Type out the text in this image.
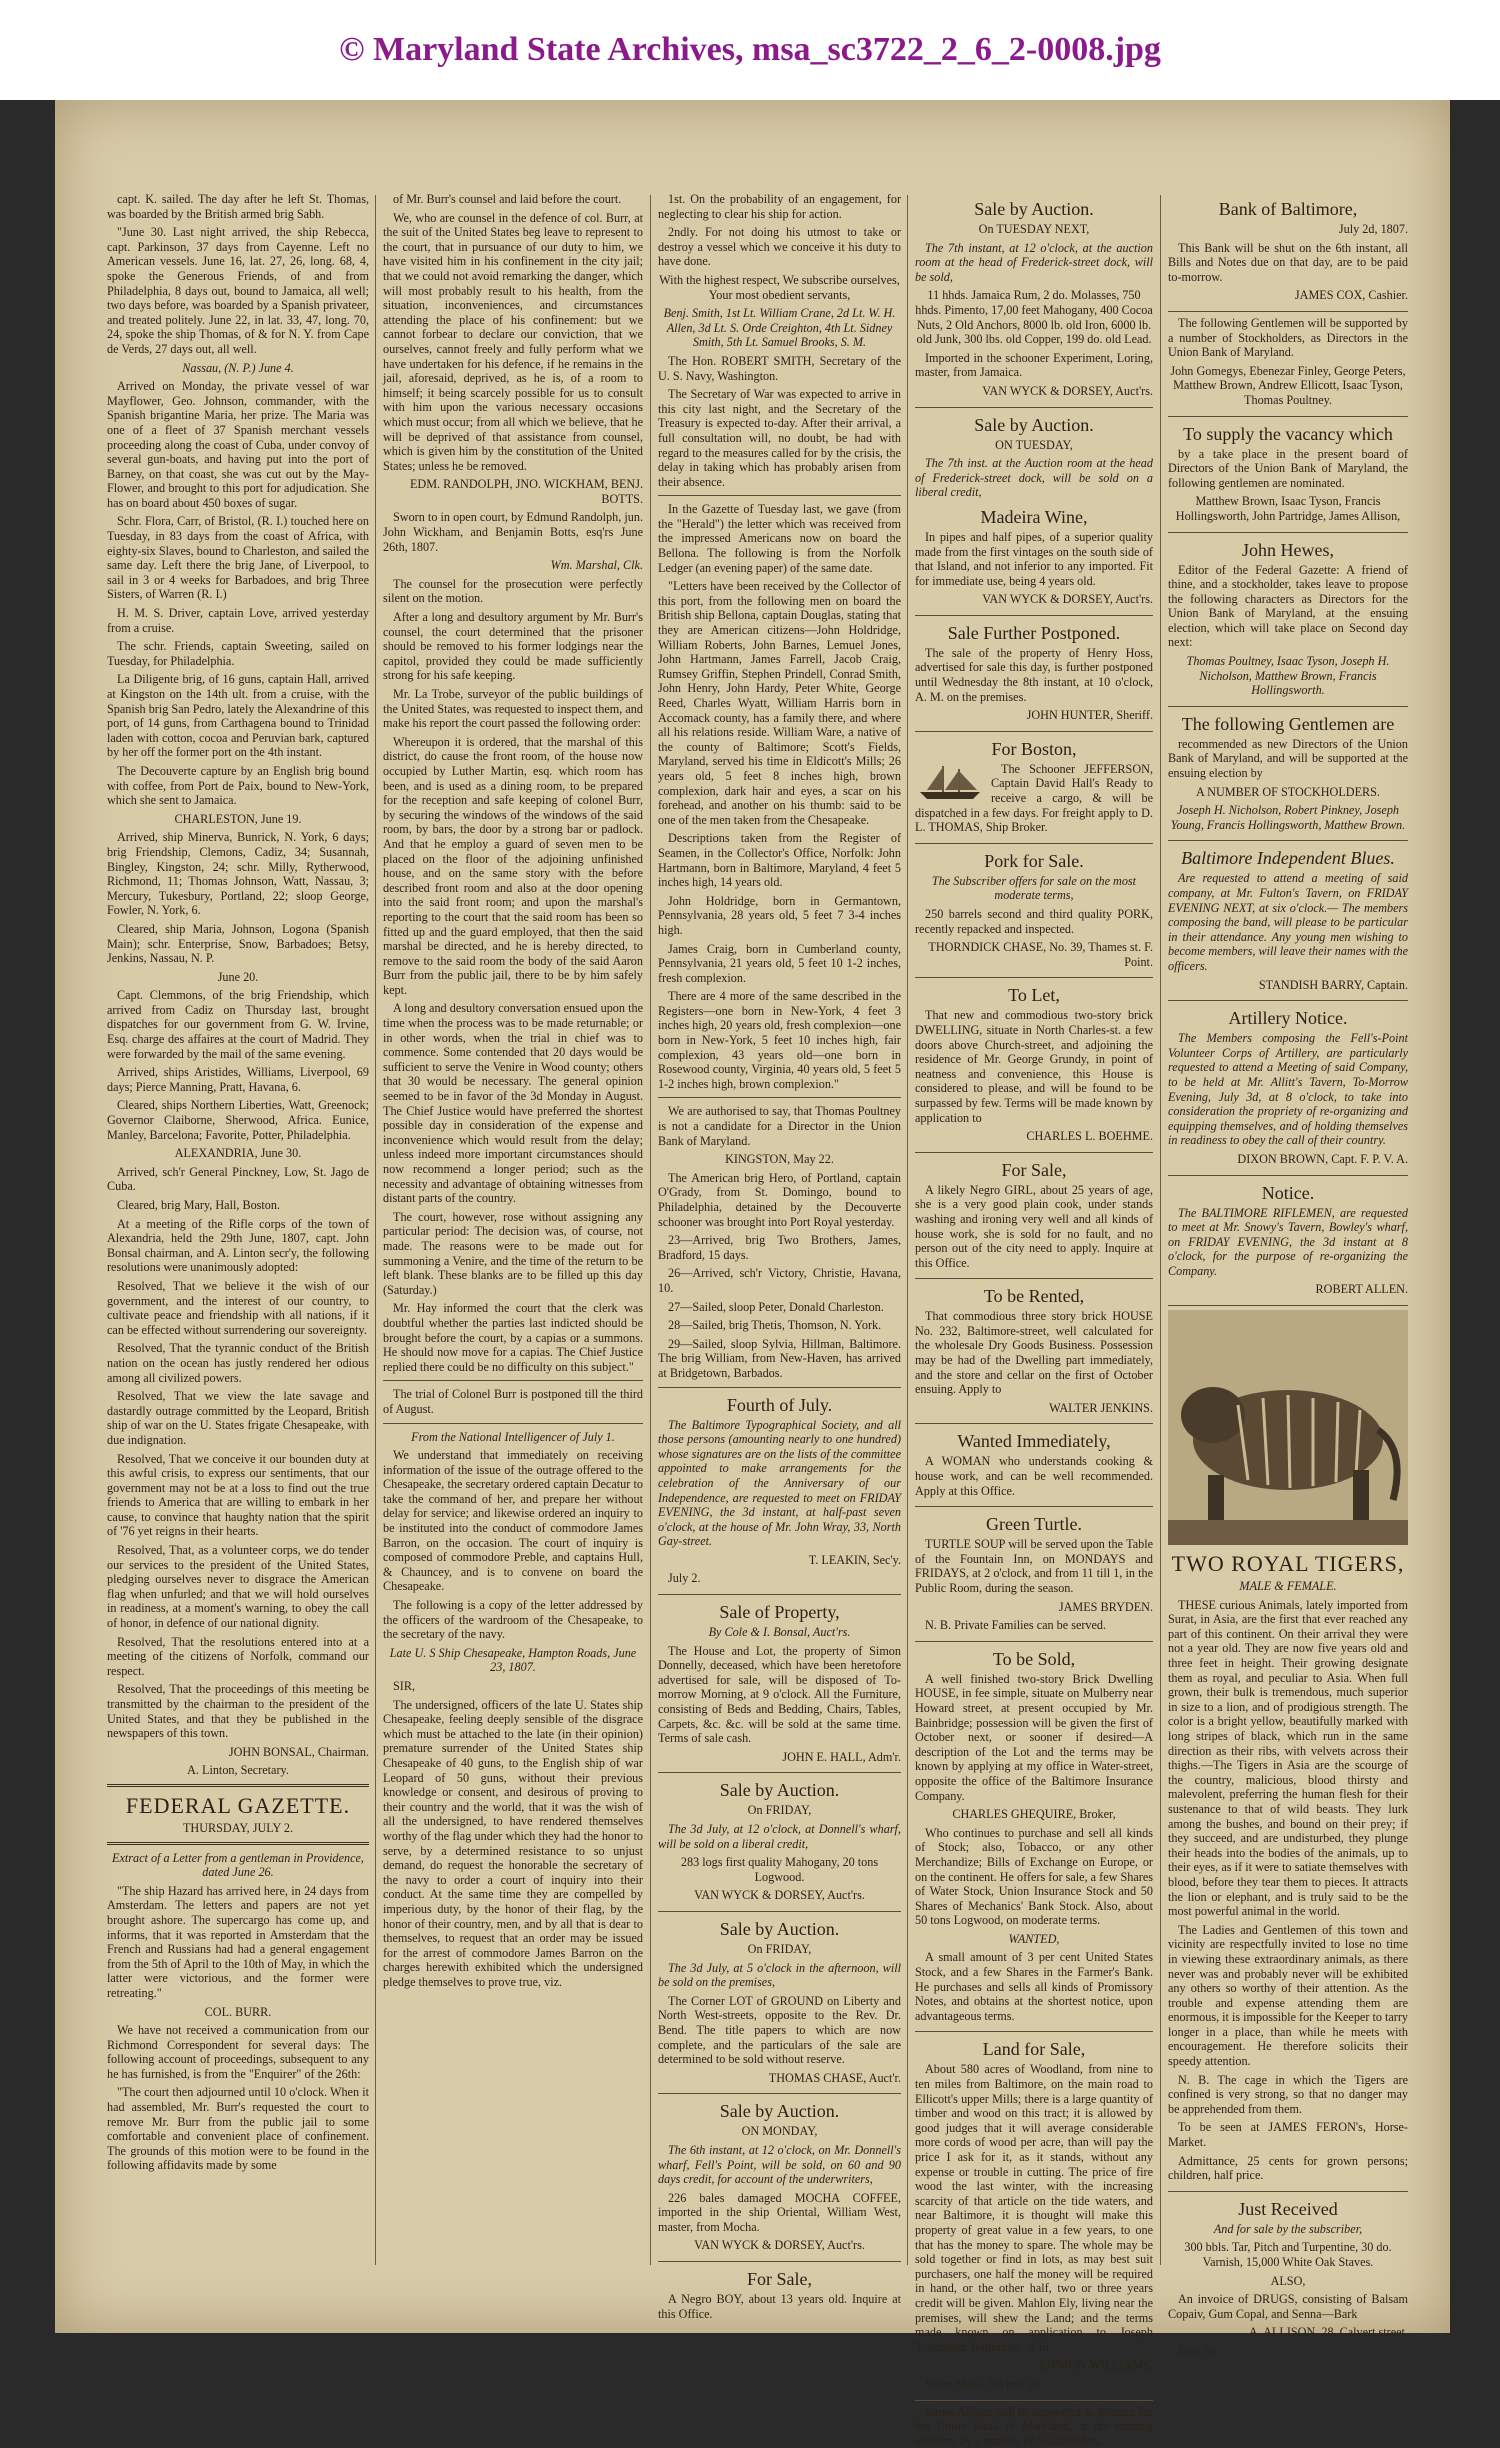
© Maryland State Archives, msa_sc3722_2_6_2-0008.jpg

capt. K. sailed. The day after he left St. Thomas, was boarded by the British armed brig Sabh.

"June 30. Last night arrived, the ship Rebecca, capt. Parkinson, 37 days from Cayenne. Left no American vessels. June 16, lat. 27, 26, long. 68, 4, spoke the Generous Friends, of and from Philadelphia, 8 days out, bound to Jamaica, all well; two days before, was boarded by a Spanish privateer, and treated politely. June 22, in lat. 33, 47, long. 70, 24, spoke the ship Thomas, of & for N. Y. from Cape de Verds, 27 days out, all well.

Nassau, (N. P.) June 4.

Arrived on Monday, the private vessel of war Mayflower, Geo. Johnson, commander, with the Spanish brigantine Maria, her prize. The Maria was one of a fleet of 37 Spanish merchant vessels proceeding along the coast of Cuba, under convoy of several gun-boats, and having put into the port of Barney, on that coast, she was cut out by the May-Flower, and brought to this port for adjudication. She has on board about 450 boxes of sugar.

Schr. Flora, Carr, of Bristol, (R. I.) touched here on Tuesday, in 83 days from the coast of Africa, with eighty-six Slaves, bound to Charleston, and sailed the same day. Left there the brig Jane, of Liverpool, to sail in 3 or 4 weeks for Barbadoes, and brig Three Sisters, of Warren (R. I.)

H. M. S. Driver, captain Love, arrived yesterday from a cruise.

The schr. Friends, captain Sweeting, sailed on Tuesday, for Philadelphia.

La Diligente brig, of 16 guns, captain Hall, arrived at Kingston on the 14th ult. from a cruise, with the Spanish brig San Pedro, lately the Alexandrine of this port, of 14 guns, from Carthagena bound to Trinidad laden with cotton, cocoa and Peruvian bark, captured by her off the former port on the 4th instant.

The Decouverte capture by an English brig bound with coffee, from Port de Paix, bound to New-York, which she sent to Jamaica.

CHARLESTON, June 19.

Arrived, ship Minerva, Bunrick, N. York, 6 days; brig Friendship, Clemons, Cadiz, 34; Susannah, Bingley, Kingston, 24; schr. Milly, Rytherwood, Richmond, 11; Thomas Johnson, Watt, Nassau, 3; Mercury, Tukesbury, Portland, 22; sloop George, Fowler, N. York, 6.

Cleared, ship Maria, Johnson, Logona (Spanish Main); schr. Enterprise, Snow, Barbadoes; Betsy, Jenkins, Nassau, N. P.

June 20.

Capt. Clemmons, of the brig Friendship, which arrived from Cadiz on Thursday last, brought dispatches for our government from G. W. Irvine, Esq. charge des affaires at the court of Madrid. They were forwarded by the mail of the same evening.

Arrived, ships Aristides, Williams, Liverpool, 69 days; Pierce Manning, Pratt, Havana, 6.

Cleared, ships Northern Liberties, Watt, Greenock; Governor Claiborne, Sherwood, Africa. Eunice, Manley, Barcelona; Favorite, Potter, Philadelphia.

ALEXANDRIA, June 30.

Arrived, sch'r General Pinckney, Low, St. Jago de Cuba.

Cleared, brig Mary, Hall, Boston.

At a meeting of the Rifle corps of the town of Alexandria, held the 29th June, 1807, capt. John Bonsal chairman, and A. Linton secr'y, the following resolutions were unanimously adopted:

Resolved, That we believe it the wish of our government, and the interest of our country, to cultivate peace and friendship with all nations, if it can be effected without surrendering our sovereignty.

Resolved, That the tyrannic conduct of the British nation on the ocean has justly rendered her odious among all civilized powers.

Resolved, That we view the late savage and dastardly outrage committed by the Leopard, British ship of war on the U. States frigate Chesapeake, with due indignation.

Resolved, That we conceive it our bounden duty at this awful crisis, to express our sentiments, that our government may not be at a loss to find out the true friends to America that are willing to embark in her cause, to convince that haughty nation that the spirit of '76 yet reigns in their hearts.

Resolved, That, as a volunteer corps, we do tender our services to the president of the United States, pledging ourselves never to disgrace the American flag when unfurled; and that we will hold ourselves in readiness, at a moment's warning, to obey the call of honor, in defence of our national dignity.

Resolved, That the resolutions entered into at a meeting of the citizens of Norfolk, command our respect.

Resolved, That the proceedings of this meeting be transmitted by the chairman to the president of the United States, and that they be published in the newspapers of this town.

JOHN BONSAL, Chairman.

A. Linton, Secretary.

FEDERAL GAZETTE.

THURSDAY, JULY 2.

Extract of a Letter from a gentleman in Providence, dated June 26.

"The ship Hazard has arrived here, in 24 days from Amsterdam. The letters and papers are not yet brought ashore. The supercargo has come up, and informs, that it was reported in Amsterdam that the French and Russians had had a general engagement from the 5th of April to the 10th of May, in which the latter were victorious, and the former were retreating."

COL. BURR.

We have not received a communication from our Richmond Correspondent for several days: The following account of proceedings, subsequent to any he has furnished, is from the "Enquirer" of the 26th:

"The court then adjourned until 10 o'clock. When it had assembled, Mr. Burr's requested the court to remove Mr. Burr from the public jail to some comfortable and convenient place of confinement. The grounds of this motion were to be found in the following affidavits made by some

of Mr. Burr's counsel and laid before the court.

We, who are counsel in the defence of col. Burr, at the suit of the United States beg leave to represent to the court, that in pursuance of our duty to him, we have visited him in his confinement in the city jail; that we could not avoid remarking the danger, which will most probably result to his health, from the situation, inconveniences, and circumstances attending the place of his confinement: but we cannot forbear to declare our conviction, that we ourselves, cannot freely and fully perform what we have undertaken for his defence, if he remains in the jail, aforesaid, deprived, as he is, of a room to himself; it being scarcely possible for us to consult with him upon the various necessary occasions which must occur; from all which we believe, that he will be deprived of that assistance from counsel, which is given him by the constitution of the United States; unless he be removed.

EDM. RANDOLPH, JNO. WICKHAM, BENJ. BOTTS.

Sworn to in open court, by Edmund Randolph, jun. John Wickham, and Benjamin Botts, esq'rs June 26th, 1807.

Wm. Marshal, Clk.

The counsel for the prosecution were perfectly silent on the motion.

After a long and desultory argument by Mr. Burr's counsel, the court determined that the prisoner should be removed to his former lodgings near the capitol, provided they could be made sufficiently strong for his safe keeping.

Mr. La Trobe, surveyor of the public buildings of the United States, was requested to inspect them, and make his report the court passed the following order:

Whereupon it is ordered, that the marshal of this district, do cause the front room, of the house now occupied by Luther Martin, esq. which room has been, and is used as a dining room, to be prepared for the reception and safe keeping of colonel Burr, by securing the windows of the windows of the said room, by bars, the door by a strong bar or padlock. And that he employ a guard of seven men to be placed on the floor of the adjoining unfinished house, and on the same story with the before described front room and also at the door opening into the said front room; and upon the marshal's reporting to the court that the said room has been so fitted up and the guard employed, that then the said marshal be directed, and he is hereby directed, to remove to the said room the body of the said Aaron Burr from the public jail, there to be by him safely kept.

A long and desultory conversation ensued upon the time when the process was to be made returnable; or in other words, when the trial in chief was to commence. Some contended that 20 days would be sufficient to serve the Venire in Wood county; others that 30 would be necessary. The general opinion seemed to be in favor of the 3d Monday in August. The Chief Justice would have preferred the shortest possible day in consideration of the expense and inconvenience which would result from the delay; unless indeed more important circumstances should now recommend a longer period; such as the necessity and advantage of obtaining witnesses from distant parts of the country.

The court, however, rose without assigning any particular period: The decision was, of course, not made. The reasons were to be made out for summoning a Venire, and the time of the return to be left blank. These blanks are to be filled up this day (Saturday.)

Mr. Hay informed the court that the clerk was doubtful whether the parties last indicted should be brought before the court, by a capias or a summons. He should now move for a capias. The Chief Justice replied there could be no difficulty on this subject."

The trial of Colonel Burr is postponed till the third of August.

From the National Intelligencer of July 1.

We understand that immediately on receiving information of the issue of the outrage offered to the Chesapeake, the secretary ordered captain Decatur to take the command of her, and prepare her without delay for service; and likewise ordered an inquiry to be instituted into the conduct of commodore James Barron, on the occasion. The court of inquiry is composed of commodore Preble, and captains Hull, & Chauncey, and is to convene on board the Chesapeake.

The following is a copy of the letter addressed by the officers of the wardroom of the Chesapeake, to the secretary of the navy.

Late U. S Ship Chesapeake, Hampton Roads, June 23, 1807.

SIR,

The undersigned, officers of the late U. States ship Chesapeake, feeling deeply sensible of the disgrace which must be attached to the late (in their opinion) premature surrender of the United States ship Chesapeake of 40 guns, to the English ship of war Leopard of 50 guns, without their previous knowledge or consent, and desirous of proving to their country and the world, that it was the wish of all the undersigned, to have rendered themselves worthy of the flag under which they had the honor to serve, by a determined resistance to so unjust demand, do request the honorable the secretary of the navy to order a court of inquiry into their conduct. At the same time they are compelled by imperious duty, by the honor of their flag, by the honor of their country, men, and by all that is dear to themselves, to request that an order may be issued for the arrest of commodore James Barron on the charges herewith exhibited which the undersigned pledge themselves to prove true, viz.

1st. On the probability of an engagement, for neglecting to clear his ship for action.

2ndly. For not doing his utmost to take or destroy a vessel which we conceive it his duty to have done.

With the highest respect, We subscribe ourselves, Your most obedient servants,

Benj. Smith, 1st Lt. William Crane, 2d Lt. W. H. Allen, 3d Lt. S. Orde Creighton, 4th Lt. Sidney Smith, 5th Lt. Samuel Brooks, S. M.

The Hon. ROBERT SMITH, Secretary of the U. S. Navy, Washington.

The Secretary of War was expected to arrive in this city last night, and the Secretary of the Treasury is expected to-day. After their arrival, a full consultation will, no doubt, be had with regard to the measures called for by the crisis, the delay in taking which has probably arisen from their absence.

In the Gazette of Tuesday last, we gave (from the "Herald") the letter which was received from the impressed Americans now on board the Bellona. The following is from the Norfolk Ledger (an evening paper) of the same date.

"Letters have been received by the Collector of this port, from the following men on board the British ship Bellona, captain Douglas, stating that they are American citizens—John Holdridge, William Roberts, John Barnes, Lemuel Jones, John Hartmann, James Farrell, Jacob Craig, Rumsey Griffin, Stephen Prindell, Conrad Smith, John Henry, John Hardy, Peter White, George Reed, Charles Wyatt, William Harris born in Accomack county, has a family there, and where all his relations reside. William Ware, a native of the county of Baltimore; Scott's Fields, Maryland, served his time in Eldicott's Mills; 26 years old, 5 feet 8 inches high, brown complexion, dark hair and eyes, a scar on his forehead, and another on his thumb: said to be one of the men taken from the Chesapeake.

Descriptions taken from the Register of Seamen, in the Collector's Office, Norfolk: John Hartmann, born in Baltimore, Maryland, 4 feet 5 inches high, 14 years old.

John Holdridge, born in Germantown, Pennsylvania, 28 years old, 5 feet 7 3-4 inches high.

James Craig, born in Cumberland county, Pennsylvania, 21 years old, 5 feet 10 1-2 inches, fresh complexion.

There are 4 more of the same described in the Registers—one born in New-York, 4 feet 3 inches high, 20 years old, fresh complexion—one born in New-York, 5 feet 10 inches high, fair complexion, 43 years old—one born in Rosewood county, Virginia, 40 years old, 5 feet 5 1-2 inches high, brown complexion."

We are authorised to say, that Thomas Poultney is not a candidate for a Director in the Union Bank of Maryland.

KINGSTON, May 22.

The American brig Hero, of Portland, captain O'Grady, from St. Domingo, bound to Philadelphia, detained by the Decouverte schooner was brought into Port Royal yesterday.

23—Arrived, brig Two Brothers, James, Bradford, 15 days.

26—Arrived, sch'r Victory, Christie, Havana, 10.

27—Sailed, sloop Peter, Donald Charleston.

28—Sailed, brig Thetis, Thomson, N. York.

29—Sailed, sloop Sylvia, Hillman, Baltimore. The brig William, from New-Haven, has arrived at Bridgetown, Barbados.

Fourth of July.

The Baltimore Typographical Society, and all those persons (amounting nearly to one hundred) whose signatures are on the lists of the committee appointed to make arrangements for the celebration of the Anniversary of our Independence, are requested to meet on FRIDAY EVENING, the 3d instant, at half-past seven o'clock, at the house of Mr. John Wray, 33, North Gay-street.

T. LEAKIN, Sec'y.

July 2.

Sale of Property,

By Cole & I. Bonsal, Auct'rs.

The House and Lot, the property of Simon Donnelly, deceased, which have been heretofore advertised for sale, will be disposed of To-morrow Morning, at 9 o'clock. All the Furniture, consisting of Beds and Bedding, Chairs, Tables, Carpets, &c. &c. will be sold at the same time. Terms of sale cash.

JOHN E. HALL, Adm'r.

Sale by Auction.

On FRIDAY,

The 3d July, at 12 o'clock, at Donnell's wharf, will be sold on a liberal credit,

283 logs first quality Mahogany, 20 tons Logwood.

VAN WYCK & DORSEY, Auct'rs.

Sale by Auction.

On FRIDAY,

The 3d July, at 5 o'clock in the afternoon, will be sold on the premises,

The Corner LOT of GROUND on Liberty and North West-streets, opposite to the Rev. Dr. Bend. The title papers to which are now complete, and the particulars of the sale are determined to be sold without reserve.

THOMAS CHASE, Auct'r.

Sale by Auction.

ON MONDAY,

The 6th instant, at 12 o'clock, on Mr. Donnell's wharf, Fell's Point, will be sold, on 60 and 90 days credit, for account of the underwriters,

226 bales damaged MOCHA COFFEE, imported in the ship Oriental, William West, master, from Mocha.

VAN WYCK & DORSEY, Auct'rs.

For Sale,

A Negro BOY, about 13 years old. Inquire at this Office.

Sale by Auction.

On TUESDAY NEXT,

The 7th instant, at 12 o'clock, at the auction room at the head of Frederick-street dock, will be sold,

11 hhds. Jamaica Rum, 2 do. Molasses, 750 hhds. Pimento, 17,00 feet Mahogany, 400 Cocoa Nuts, 2 Old Anchors, 8000 lb. old Iron, 6000 lb. old Junk, 300 lbs. old Copper, 199 do. old Lead.

Imported in the schooner Experiment, Loring, master, from Jamaica.

VAN WYCK & DORSEY, Auct'rs.

Sale by Auction.

ON TUESDAY,

The 7th inst. at the Auction room at the head of Frederick-street dock, will be sold on a liberal credit,

Madeira Wine,

In pipes and half pipes, of a superior quality made from the first vintages on the south side of that Island, and not inferior to any imported. Fit for immediate use, being 4 years old.

VAN WYCK & DORSEY, Auct'rs.

Sale Further Postponed.

The sale of the property of Henry Hoss, advertised for sale this day, is further postponed until Wednesday the 8th instant, at 10 o'clock, A. M. on the premises.

JOHN HUNTER, Sheriff.

For Boston,

The Schooner JEFFERSON, Captain David Hall's Ready to receive a cargo, & will be dispatched in a few days. For freight apply to D. L. THOMAS, Ship Broker.

Pork for Sale.

The Subscriber offers for sale on the most moderate terms,

250 barrels second and third quality PORK, recently repacked and inspected.

THORNDICK CHASE, No. 39, Thames st. F. Point.

To Let,

That new and commodious two-story brick DWELLING, situate in North Charles-st. a few doors above Church-street, and adjoining the residence of Mr. George Grundy, in point of neatness and convenience, this House is considered to please, and will be found to be surpassed by few. Terms will be made known by application to

CHARLES L. BOEHME.

For Sale,

A likely Negro GIRL, about 25 years of age, she is a very good plain cook, under stands washing and ironing very well and all kinds of house work, she is sold for no fault, and no person out of the city need to apply. Inquire at this Office.

To be Rented,

That commodious three story brick HOUSE No. 232, Baltimore-street, well calculated for the wholesale Dry Goods Business. Possession may be had of the Dwelling part immediately, and the store and cellar on the first of October ensuing. Apply to

WALTER JENKINS.

Wanted Immediately,

A WOMAN who understands cooking & house work, and can be well recommended. Apply at this Office.

Green Turtle.

TURTLE SOUP will be served upon the Table of the Fountain Inn, on MONDAYS and FRIDAYS, at 2 o'clock, and from 11 till 1, in the Public Room, during the season.

JAMES BRYDEN.

N. B. Private Families can be served.

To be Sold,

A well finished two-story Brick Dwelling HOUSE, in fee simple, situate on Mulberry near Howard street, at present occupied by Mr. Bainbridge; possession will be given the first of October next, or sooner if desired—A description of the Lot and the terms may be known by applying at my office in Water-street, opposite the office of the Baltimore Insurance Company.

CHARLES GHEQUIRE, Broker,

Who continues to purchase and sell all kinds of Stock; also, Tobacco, or any other Merchandize; Bills of Exchange on Europe, or on the continent. He offers for sale, a few Shares of Water Stock, Union Insurance Stock and 50 Shares of Mechanics' Bank Stock. Also, about 50 tons Logwood, on moderate terms.

WANTED,

A small amount of 3 per cent United States Stock, and a few Shares in the Farmer's Bank. He purchases and sells all kinds of Promissory Notes, and obtains at the shortest notice, upon advantageous terms.

Land for Sale,

About 580 acres of Woodland, from nine to ten miles from Baltimore, on the main road to Ellicott's upper Mills; there is a large quantity of timber and wood on this tract; it is allowed by good judges that it will average considerable more cords of wood per acre, than will pay the price I ask for it, as it stands, without any expense or trouble in cutting. The price of fire wood the last winter, with the increasing scarcity of that article on the tide waters, and near Baltimore, it is thought will make this property of great value in a few years, to one that has the money to spare. The whole may be sold together or find in lots, as may best suit purchasers, one half the money will be required in hand, or the other half, two or three years credit will be given. Mahlon Ely, living near the premises, will shew the Land; and the terms made known on application to Joseph Townsend, Baltimore, or to

ENNION WILLIAMS,

Selby Mills, 7th mo. 23.

James Allstan will be supported as director for the Union Bank of Maryland, at the ensuing election, by a number of Stockholders.

Bank of Baltimore,

July 2d, 1807.

This Bank will be shut on the 6th instant, all Bills and Notes due on that day, are to be paid to-morrow.

JAMES COX, Cashier.

The following Gentlemen will be supported by a number of Stockholders, as Directors in the Union Bank of Maryland.

John Gomegys, Ebenezar Finley, George Peters, Matthew Brown, Andrew Ellicott, Isaac Tyson, Thomas Poultney.

To supply the vacancy which

by a take place in the present board of Directors of the Union Bank of Maryland, the following gentlemen are nominated.

Matthew Brown, Isaac Tyson, Francis Hollingsworth, John Partridge, James Allison,

John Hewes,

Editor of the Federal Gazette: A friend of thine, and a stockholder, takes leave to propose the following characters as Directors for the Union Bank of Maryland, at the ensuing election, which will take place on Second day next:

Thomas Poultney, Isaac Tyson, Joseph H. Nicholson, Matthew Brown, Francis Hollingsworth.

The following Gentlemen are

recommended as new Directors of the Union Bank of Maryland, and will be supported at the ensuing election by

A NUMBER OF STOCKHOLDERS.

Joseph H. Nicholson, Robert Pinkney, Joseph Young, Francis Hollingsworth, Matthew Brown.

Baltimore Independent Blues.

Are requested to attend a meeting of said company, at Mr. Fulton's Tavern, on FRIDAY EVENING NEXT, at six o'clock.— The members composing the band, will please to be particular in their attendance. Any young men wishing to become members, will leave their names with the officers.

STANDISH BARRY, Captain.

Artillery Notice.

The Members composing the Fell's-Point Volunteer Corps of Artillery, are particularly requested to attend a Meeting of said Company, to be held at Mr. Allitt's Tavern, To-Morrow Evening, July 3d, at 8 o'clock, to take into consideration the propriety of re-organizing and equipping themselves, and of holding themselves in readiness to obey the call of their country.

DIXON BROWN, Capt. F. P. V. A.

Notice.

The BALTIMORE RIFLEMEN, are requested to meet at Mr. Snowy's Tavern, Bowley's wharf, on FRIDAY EVENING, the 3d instant at 8 o'clock, for the purpose of re-organizing the Company.

ROBERT ALLEN.

TWO ROYAL TIGERS,

MALE & FEMALE.

THESE curious Animals, lately imported from Surat, in Asia, are the first that ever reached any part of this continent. On their arrival they were not a year old. They are now five years old and three feet in height. Their growing designate them as royal, and peculiar to Asia. When full grown, their bulk is tremendous, much superior in size to a lion, and of prodigious strength. The color is a bright yellow, beautifully marked with long stripes of black, which run in the same direction as their ribs, with velvets across their thighs.—The Tigers in Asia are the scourge of the country, malicious, blood thirsty and malevolent, preferring the human flesh for their sustenance to that of wild beasts. They lurk among the bushes, and bound on their prey; if they succeed, and are undisturbed, they plunge their heads into the bodies of the animals, up to their eyes, as if it were to satiate themselves with blood, before they tear them to pieces. It attracts the lion or elephant, and is truly said to be the most powerful animal in the world.

The Ladies and Gentlemen of this town and vicinity are respectfully invited to lose no time in viewing these extraordinary animals, as there never was and probably never will be exhibited any others so worthy of their attention. As the trouble and expense attending them are enormous, it is impossible for the Keeper to tarry longer in a place, than while he meets with encouragement. He therefore solicits their speedy attention.

N. B. The cage in which the Tigers are confined is very strong, so that no danger may be apprehended from them.

To be seen at JAMES FERON's, Horse-Market.

Admittance, 25 cents for grown persons; children, half price.

Just Received

And for sale by the subscriber,

300 bbls. Tar, Pitch and Turpentine, 30 do. Varnish, 15,000 White Oak Staves.

ALSO,

An invoice of DRUGS, consisting of Balsam Copaiv, Gum Copal, and Senna—Bark

A. ALLISON, 28, Calvert street.

June 29.
